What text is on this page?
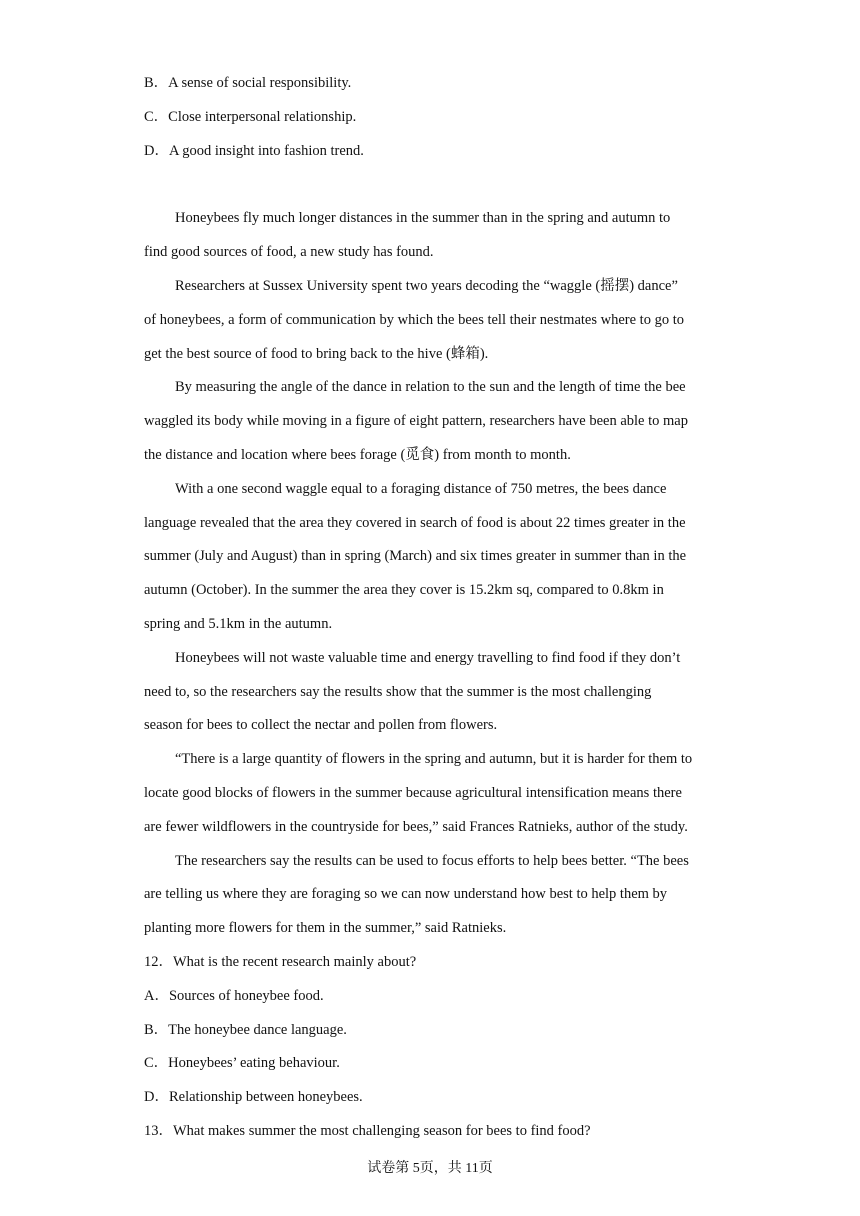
B．A sense of social responsibility.
C．Close interpersonal relationship.
D．A good insight into fashion trend.
Honeybees fly much longer distances in the summer than in the spring and autumn to
find good sources of food, a new study has found.
Researchers at Sussex University spent two years decoding the “waggle (摇摆) dance”
of honeybees, a form of communication by which the bees tell their nestmates where to go to
get the best source of food to bring back to the hive (蜂箱).
By measuring the angle of the dance in relation to the sun and the length of time the bee
waggled its body while moving in a figure of eight pattern, researchers have been able to map
the distance and location where bees forage (觅食) from month to month.
With a one second waggle equal to a foraging distance of 750 metres, the bees dance
language revealed that the area they covered in search of food is about 22 times greater in the
summer (July and August) than in spring (March) and six times greater in summer than in the
autumn (October). In the summer the area they cover is 15.2km sq, compared to 0.8km in
spring and 5.1km in the autumn.
Honeybees will not waste valuable time and energy travelling to find food if they don’t
need to, so the researchers say the results show that the summer is the most challenging
season for bees to collect the nectar and pollen from flowers.
“There is a large quantity of flowers in the spring and autumn, but it is harder for them to
locate good blocks of flowers in the summer because agricultural intensification means there
are fewer wildflowers in the countryside for bees,” said Frances Ratnieks, author of the study.
The researchers say the results can be used to focus efforts to help bees better. “The bees
are telling us where they are foraging so we can now understand how best to help them by
planting more flowers for them in the summer,” said Ratnieks.
12．What is the recent research mainly about?
A．Sources of honeybee food.
B．The honeybee dance language.
C．Honeybees’ eating behaviour.
D．Relationship between honeybees.
13．What makes summer the most challenging season for bees to find food?
试卷第 5页，共 11页
